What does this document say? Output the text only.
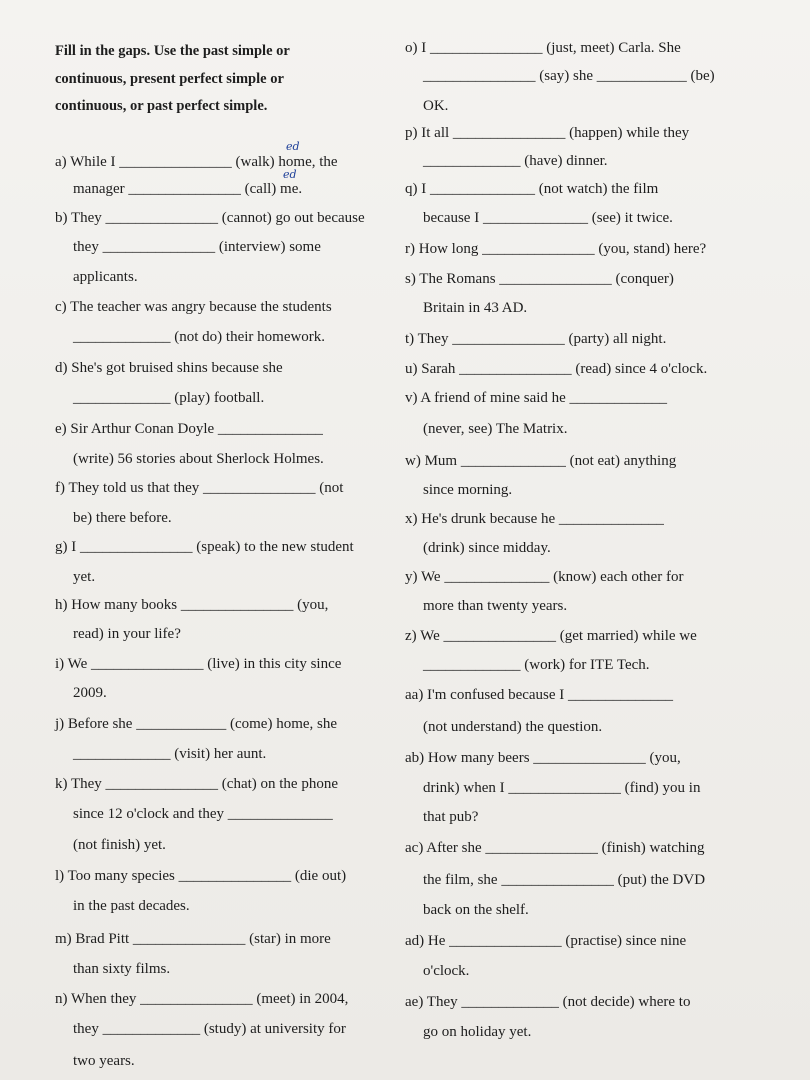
Fill in the gaps. Use the past simple or
continuous, present perfect simple or
continuous, or past perfect simple.
a) While I _______________ (walk) home, the
manager _______________ (call) me.
b) They _______________ (cannot) go out because
they _______________ (interview) some
applicants.
c) The teacher was angry because the students
_____________ (not do) their homework.
d) She's got bruised shins because she
_____________ (play) football.
e) Sir Arthur Conan Doyle ______________
(write) 56 stories about Sherlock Holmes.
f) They told us that they _______________ (not
be) there before.
g) I _______________ (speak) to the new student
yet.
h) How many books _______________ (you,
read) in your life?
i) We _______________ (live) in this city since
2009.
j) Before she ____________ (come) home, she
_____________ (visit) her aunt.
k) They _______________ (chat) on the phone
since 12 o'clock and they ______________
(not finish) yet.
l) Too many species _______________ (die out)
in the past decades.
m) Brad Pitt _______________ (star) in more
than sixty films.
n) When they _______________ (meet) in 2004,
they _____________ (study) at university for
two years.
o) I _______________ (just, meet) Carla. She
_______________ (say) she ____________ (be)
OK.
p) It all _______________ (happen) while they
_____________ (have) dinner.
q) I ______________ (not watch) the film
because I ______________ (see) it twice.
r) How long _______________ (you, stand) here?
s) The Romans _______________ (conquer)
Britain in 43 AD.
t) They _______________ (party) all night.
u) Sarah _______________ (read) since 4 o'clock.
v) A friend of mine said he _____________
(never, see) The Matrix.
w) Mum ______________ (not eat) anything
since morning.
x) He's drunk because he ______________
(drink) since midday.
y) We ______________ (know) each other for
more than twenty years.
z) We _______________ (get married) while we
_____________ (work) for ITE Tech.
aa) I'm confused because I ______________
(not understand) the question.
ab) How many beers _______________ (you,
drink) when I _______________ (find) you in
that pub?
ac) After she _______________ (finish) watching
the film, she _______________ (put) the DVD
back on the shelf.
ad) He _______________ (practise) since nine
o'clock.
ae) They _____________ (not decide) where to
go on holiday yet.
ed
ed
